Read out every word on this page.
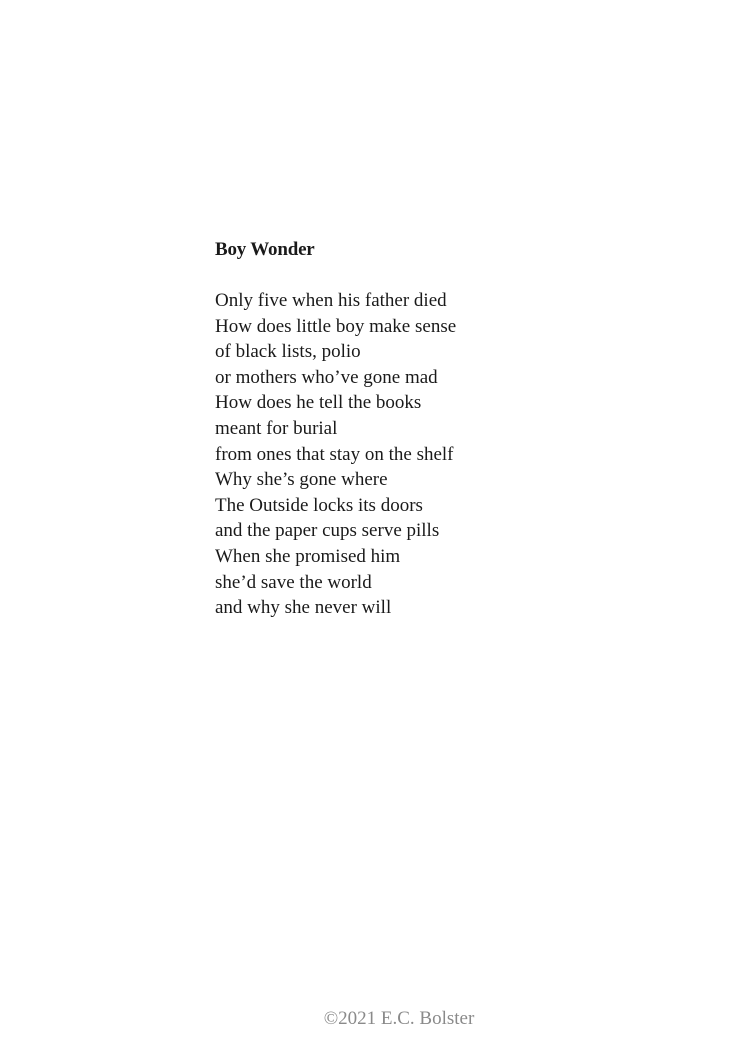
Boy Wonder
Only five when his father died
How does little boy make sense
of black lists, polio
or mothers who’ve gone mad
How does he tell the books
meant for burial
from ones that stay on the shelf
Why she’s gone where
The Outside locks its doors
and the paper cups serve pills
When she promised him
she’d save the world
and why she never will
©2021 E.C. Bolster
